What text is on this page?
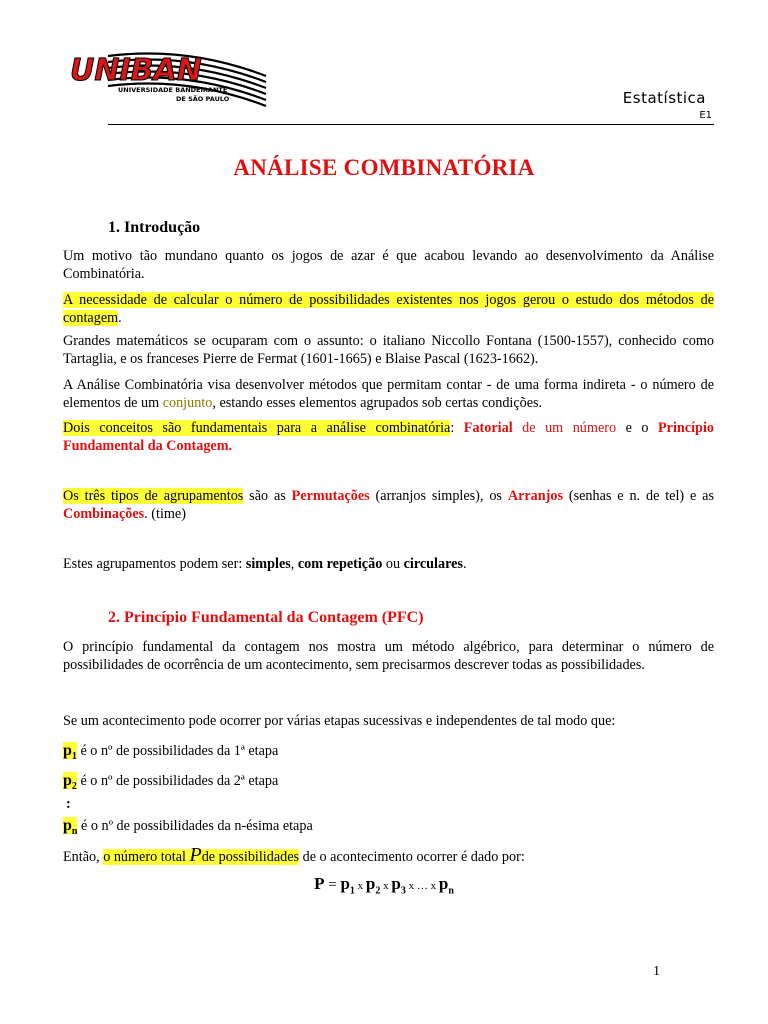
UNIBAN
UNIVERSIDADE BANDEIRANTE
DE SÃO PAULO	Estatística
E1
ANÁLISE COMBINATÓRIA
1. Introdução

Um motivo tão mundano quanto os jogos de azar é que acabou levando ao desenvolvimento da Análise Combinatória.

A necessidade de calcular o número de possibilidades existentes nos jogos gerou o estudo dos métodos de contagem.

Grandes matemáticos se ocuparam com o assunto: o italiano Niccollo Fontana (1500-1557), conhecido como Tartaglia, e os franceses Pierre de Fermat (1601-1665) e Blaise Pascal (1623-1662).

A Análise Combinatória visa desenvolver métodos que permitam contar - de uma forma indireta - o número de elementos de um conjunto, estando esses elementos agrupados sob certas condições.

Dois conceitos são fundamentais para a análise combinatória: Fatorial de um número e o Princípio Fundamental da Contagem.

Os três tipos de agrupamentos são as Permutações (arranjos simples), os Arranjos (senhas e n. de tel) e as Combinações. (time)

Estes agrupamentos podem ser: simples, com repetição ou circulares.

2. Princípio Fundamental da Contagem (PFC)

O princípio fundamental da contagem nos mostra um método algébrico, para determinar o número de possibilidades de ocorrência de um acontecimento, sem precisarmos descrever todas as possibilidades.

Se um acontecimento pode ocorrer por várias etapas sucessivas e independentes de tal modo que:

$p_1$ é o nº de possibilidades da 1ª etapa
$p_2$ é o nº de possibilidades da 2ª etapa
:
$p_n$ é o nº de possibilidades da n-ésima etapa

Então, o número total Pde possibilidades de o acontecimento ocorrer é dado por:

$P = p_1$ x $p_2$ x $p_3$ x … x $p_n$
1
